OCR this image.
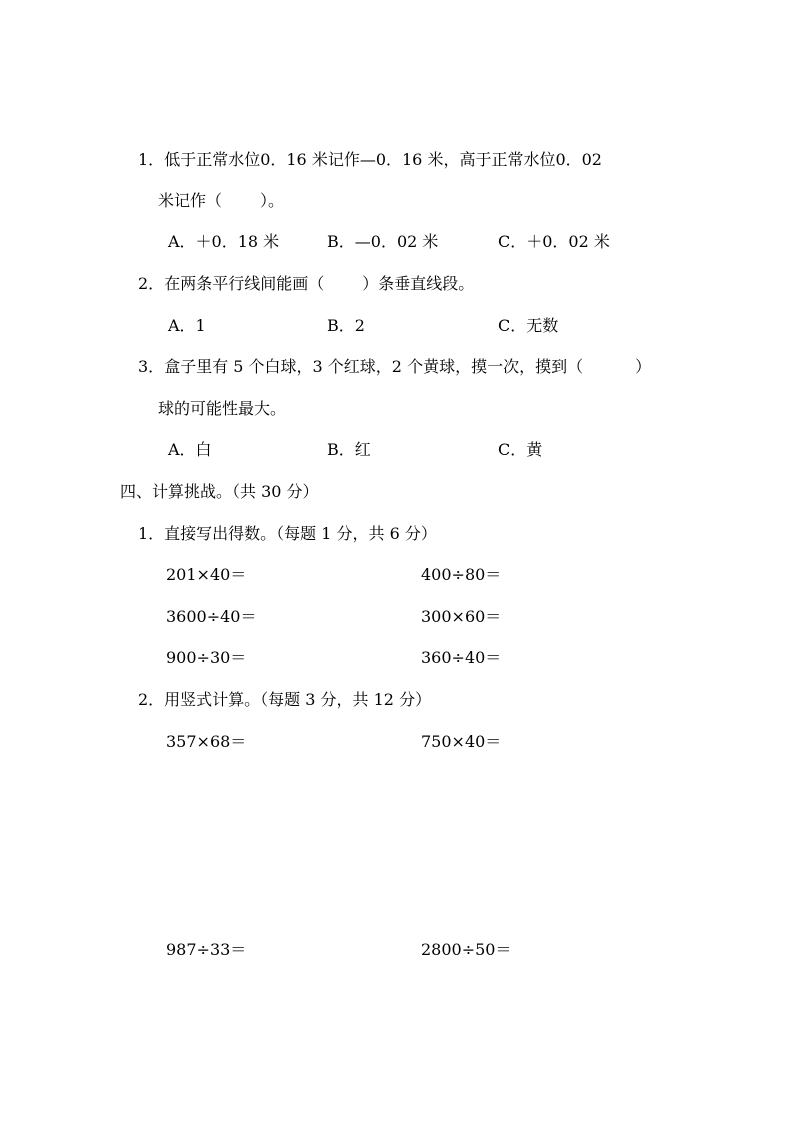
1．低于正常水位0．16 米记作—0．16 米，高于正常水位0．02
米记作（ ）。
A．＋0．18 米	B．—0．02 米	C．＋0．02 米
2．在两条平行线间能画（ ）条垂直线段。
A．1	B．2	C．无数
3．盒子里有 5 个白球，3 个红球，2 个黄球，摸一次，摸到（	）
球的可能性最大。
A．白	B．红	C．黄
四、计算挑战。（共 30 分）
1．直接写出得数。（每题 1 分，共 6 分）
201×40＝	400÷80＝
3600÷40＝	300×60＝
900÷30＝	360÷40＝
2．用竖式计算。（每题 3 分，共 12 分）
357×68＝	750×40＝
987÷33＝	2800÷50＝
